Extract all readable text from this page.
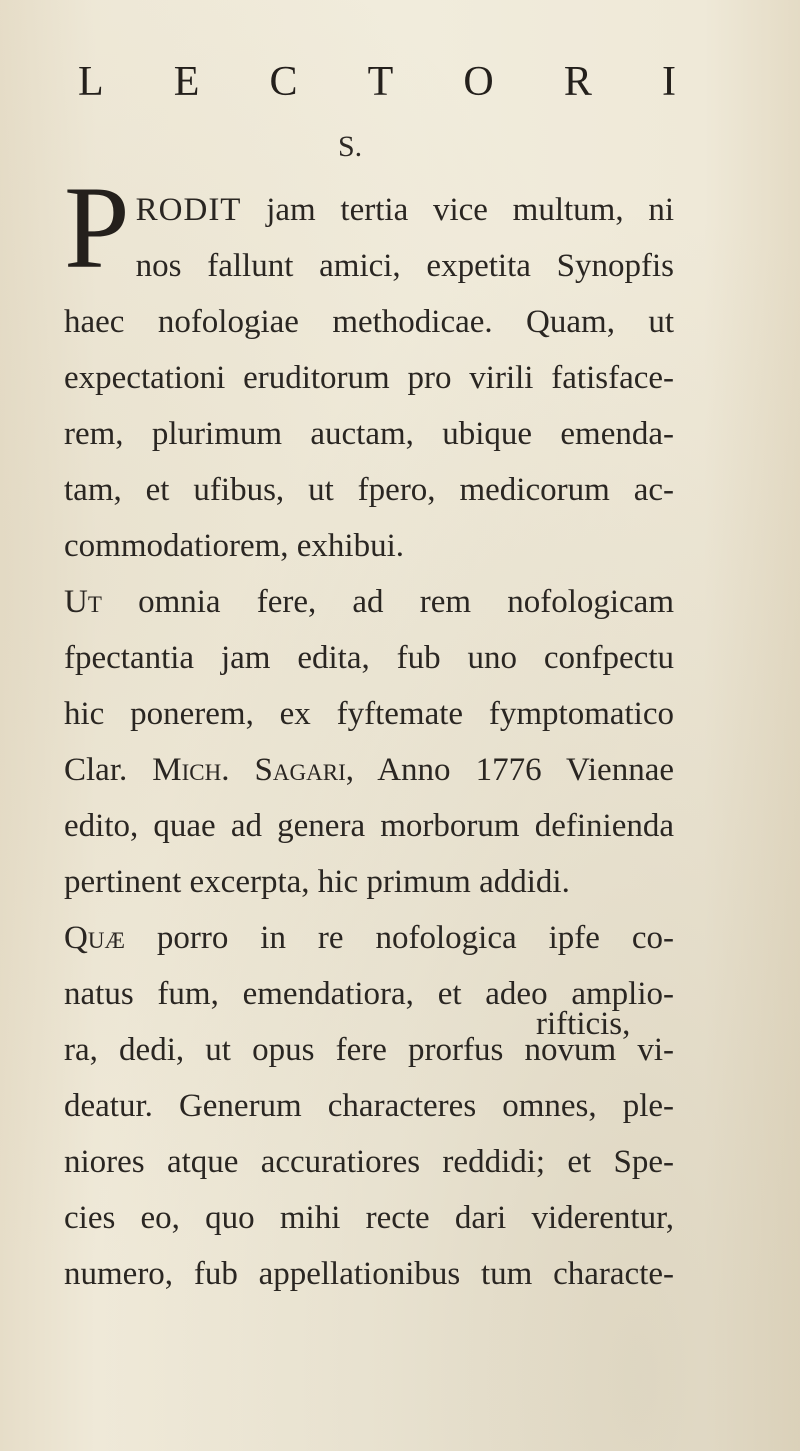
L E C T O R I
S.
P RODIT jam tertia vice multum, ni
nos fallunt amici, expetita Synopfis
haec nofologiae methodicae. Quam, ut
expectationi eruditorum pro virili fatisface-
rem, plurimum auctam, ubique emenda-
tam, et ufibus, ut fpero, medicorum ac-
commodatiorem, exhibui.
Ut omnia fere, ad rem nofologicam
fpectantia jam edita, fub uno confpectu
hic ponerem, ex fyftemate fymptomatico
Clar. Mich. Sagari, Anno 1776 Viennae
edito, quae ad genera morborum definienda
pertinent excerpta, hic primum addidi.
Quæ porro in re nofologica ipfe co-
natus fum, emendatiora, et adeo amplio-
ra, dedi, ut opus fere prorfus novum vi-
deatur. Generum characteres omnes, ple-
niores atque accuratiores reddidi; et Spe-
cies eo, quo mihi recte dari viderentur,
numero, fub appellationibus tum characte-
rifticis,
